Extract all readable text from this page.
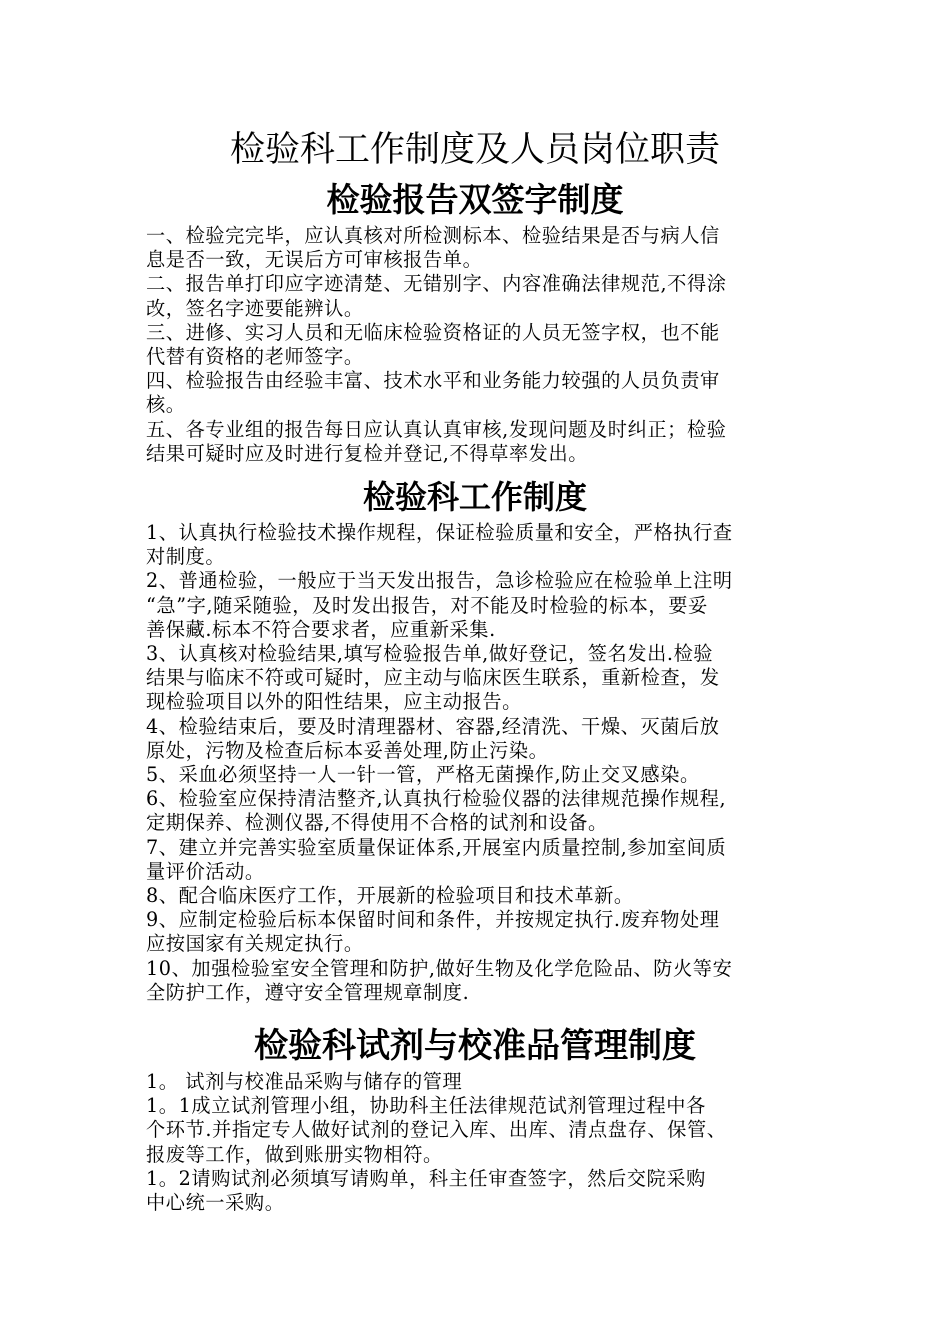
检验科工作制度及人员岗位职责
检验报告双签字制度

一、检验完完毕，应认真核对所检测标本、检验结果是否与病人信
息是否一致，无误后方可审核报告单。

二、报告单打印应字迹清楚、无错别字、内容准确法律规范,不得涂
改，签名字迹要能辨认。

三、进修、实习人员和无临床检验资格证的人员无签字权，也不能
代替有资格的老师签字。

四、检验报告由经验丰富、技术水平和业务能力较强的人员负责审
核。

五、各专业组的报告每日应认真认真审核,发现问题及时纠正；检验
结果可疑时应及时进行复检并登记,不得草率发出。

检验科工作制度

1、认真执行检验技术操作规程，保证检验质量和安全，严格执行查
对制度。

2、普通检验，一般应于当天发出报告，急诊检验应在检验单上注明
“急”字,随采随验，及时发出报告，对不能及时检验的标本，要妥
善保藏.标本不符合要求者，应重新采集.

3、认真核对检验结果,填写检验报告单,做好登记，签名发出.检验
结果与临床不符或可疑时，应主动与临床医生联系，重新检查，发
现检验项目以外的阳性结果，应主动报告。

4、检验结束后，要及时清理器材、容器,经清洗、干燥、灭菌后放
原处，污物及检查后标本妥善处理,防止污染。

5、采血必须坚持一人一针一管，严格无菌操作,防止交叉感染。

6、检验室应保持清洁整齐,认真执行检验仪器的法律规范操作规程,
定期保养、检测仪器,不得使用不合格的试剂和设备。

7、建立并完善实验室质量保证体系,开展室内质量控制,参加室间质
量评价活动。

8、配合临床医疗工作，开展新的检验项目和技术革新。

9、应制定检验后标本保留时间和条件，并按规定执行.废弃物处理
应按国家有关规定执行。

10、加强检验室安全管理和防护,做好生物及化学危险品、防火等安
全防护工作，遵守安全管理规章制度.

检验科试剂与校准品管理制度

1。 试剂与校准品采购与储存的管理

1。1成立试剂管理小组，协助科主任法律规范试剂管理过程中各
个环节.并指定专人做好试剂的登记入库、出库、清点盘存、保管、
报废等工作，做到账册实物相符。

1。2请购试剂必须填写请购单，科主任审查签字，然后交院采购
中心统一采购。
